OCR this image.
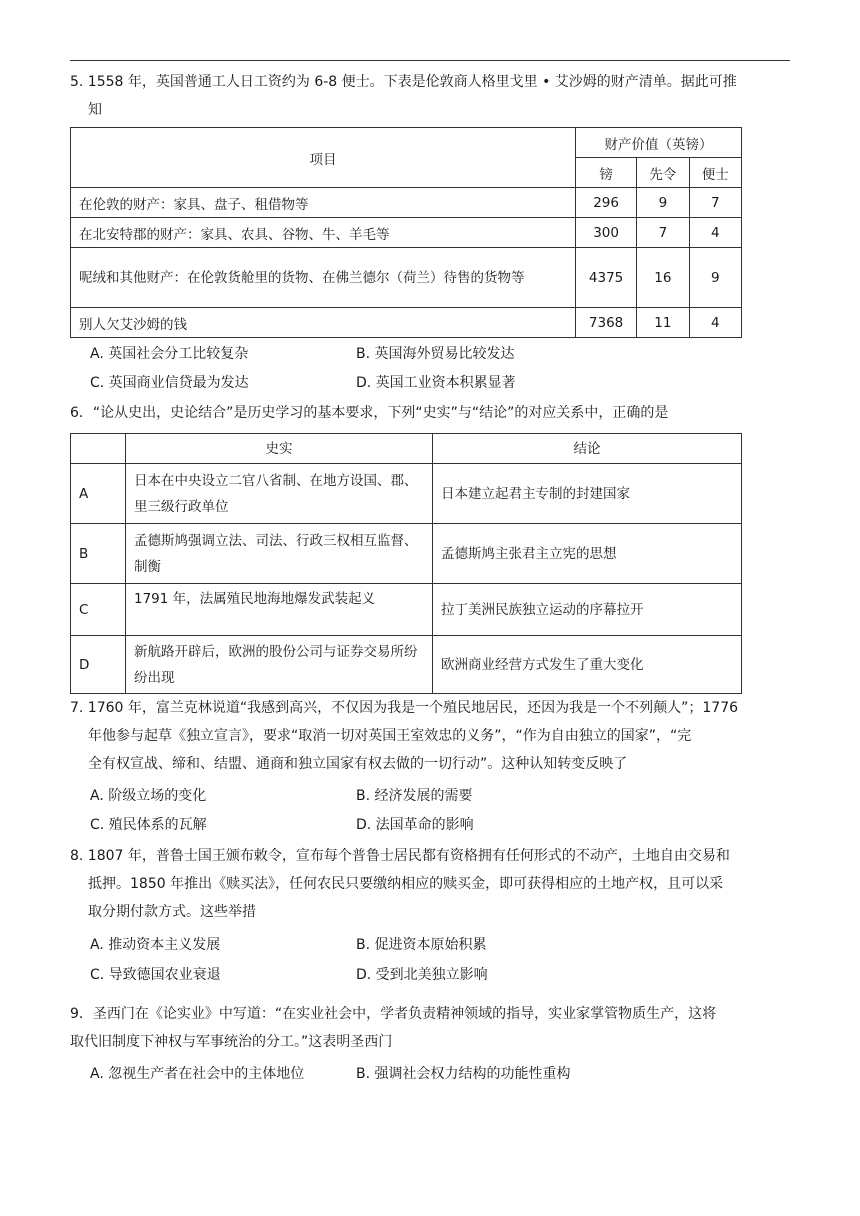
5. 1558 年，英国普通工人日工资约为 6-8 便士。下表是伦敦商人格里戈里 • 艾沙姆的财产清单。据此可推
知
项目	财产价值（英镑）		
	镑	先令	便士
在伦敦的财产：家具、盘子、租借物等	296	9	7
在北安特郡的财产：家具、农具、谷物、牛、羊毛等	300	7	4
呢绒和其他财产：在伦敦货舱里的货物、在佛兰德尔（荷兰）待售的货物等	4375	16	9
别人欠艾沙姆的钱	7368	11	4
A. 英国社会分工比较复杂	B. 英国海外贸易比较发达
C. 英国商业信贷最为发达	D. 英国工业资本积累显著
6．“论从史出，史论结合”是历史学习的基本要求，下列“史实”与“结论”的对应关系中，正确的是
	史实	结论
A	日本在中央设立二官八省制、在地方设国、郡、里三级行政单位	日本建立起君主专制的封建国家
B	孟德斯鸠强调立法、司法、行政三权相互监督、制衡	孟德斯鸠主张君主立宪的思想
C	1791 年，法属殖民地海地爆发武装起义	拉丁美洲民族独立运动的序幕拉开
D	新航路开辟后，欧洲的股份公司与证券交易所纷纷出现	欧洲商业经营方式发生了重大变化
7. 1760 年，富兰克林说道“我感到高兴，不仅因为我是一个殖民地居民，还因为我是一个不列颠人”；1776
年他参与起草《独立宣言》，要求“取消一切对英国王室效忠的义务”，“作为自由独立的国家”，“完
全有权宣战、缔和、结盟、通商和独立国家有权去做的一切行动”。这种认知转变反映了
A. 阶级立场的变化	B. 经济发展的需要
C. 殖民体系的瓦解	D. 法国革命的影响
8. 1807 年，普鲁士国王颁布敕令，宣布每个普鲁士居民都有资格拥有任何形式的不动产，土地自由交易和
抵押。1850 年推出《赎买法》，任何农民只要缴纳相应的赎买金，即可获得相应的土地产权，且可以采
取分期付款方式。这些举措
A. 推动资本主义发展	B. 促进资本原始积累
C. 导致德国农业衰退	D. 受到北美独立影响
9．圣西门在《论实业》中写道：“在实业社会中，学者负责精神领域的指导，实业家掌管物质生产，这将
取代旧制度下神权与军事统治的分工。”这表明圣西门
A. 忽视生产者在社会中的主体地位	B. 强调社会权力结构的功能性重构
